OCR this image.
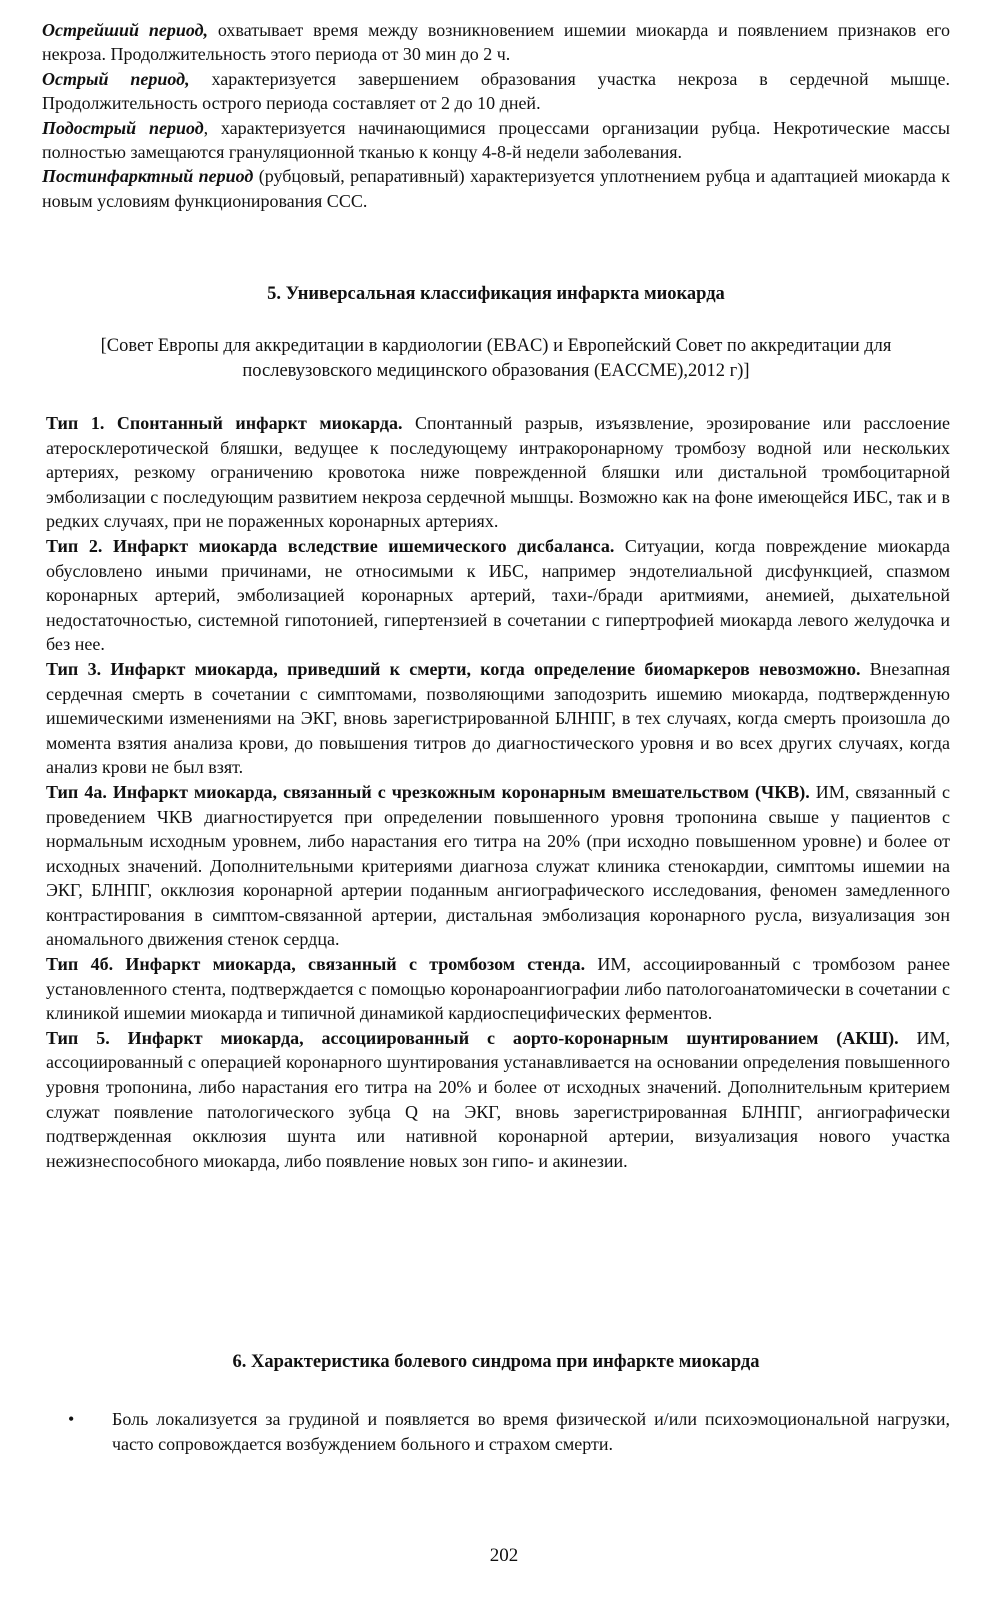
Острейший период, охватывает время между возникновением ишемии миокарда и появлением признаков его некроза. Продолжительность этого периода от 30 мин до 2 ч.

Острый период, характеризуется завершением образования участка некроза в сердечной мышце. Продолжительность острого периода составляет от 2 до 10 дней.

Подострый период, характеризуется начинающимися процессами организации рубца. Некротические массы полностью замещаются грануляционной тканью к концу 4-8-й недели заболевания.

Постинфарктный период (рубцовый, репаративный) характеризуется уплотнением рубца и адаптацией миокарда к новым условиям функционирования ССС.

5. Универсальная классификация инфаркта миокарда

[Совет Европы для аккредитации в кардиологии (EBAC) и Европейский Совет по аккредитации для послевузовского медицинского образования (EACCME),2012 г)]

Тип 1. Спонтанный инфаркт миокарда. Спонтанный разрыв, изъязвление, эрозирование или расслоение атеросклеротической бляшки, ведущее к последующему интракоронарному тромбозу водной или нескольких артериях, резкому ограничению кровотока ниже поврежденной бляшки или дистальной тромбоцитарной эмболизации с последующим развитием некроза сердечной мышцы. Возможно как на фоне имеющейся ИБС, так и в редких случаях, при не пораженных коронарных артериях.

Тип 2. Инфаркт миокарда вследствие ишемического дисбаланса. Ситуации, когда повреждение миокарда обусловлено иными причинами, не относимыми к ИБС, например эндотелиальной дисфункцией, спазмом коронарных артерий, эмболизацией коронарных артерий, тахи-/бради аритмиями, анемией, дыхательной недостаточностью, системной гипотонией, гипертензией в сочетании с гипертрофией миокарда левого желудочка и без нее.

Тип 3. Инфаркт миокарда, приведший к смерти, когда определение биомаркеров невозможно. Внезапная сердечная смерть в сочетании с симптомами, позволяющими заподозрить ишемию миокарда, подтвержденную ишемическими изменениями на ЭКГ, вновь зарегистрированной БЛНПГ, в тех случаях, когда смерть произошла до момента взятия анализа крови, до повышения титров до диагностического уровня и во всех других случаях, когда анализ крови не был взят.

Тип 4а. Инфаркт миокарда, связанный с чрезкожным коронарным вмешательством (ЧКВ). ИМ, связанный с проведением ЧКВ диагностируется при определении повышенного уровня тропонина свыше у пациентов с нормальным исходным уровнем, либо нарастания его титра на 20% (при исходно повышенном уровне) и более от исходных значений. Дополнительными критериями диагноза служат клиника стенокардии, симптомы ишемии на ЭКГ, БЛНПГ, окклюзия коронарной артерии поданным ангиографического исследования, феномен замедленного контрастирования в симптом-связанной артерии, дистальная эмболизация коронарного русла, визуализация зон аномального движения стенок сердца.

Тип 4б. Инфаркт миокарда, связанный с тромбозом стенда. ИМ, ассоциированный с тромбозом ранее установленного стента, подтверждается с помощью коронароангиографии либо патологоанатомически в сочетании с клиникой ишемии миокарда и типичной динамикой кардиоспецифических ферментов.

Тип 5. Инфаркт миокарда, ассоциированный с аорто-коронарным шунтированием (АКШ). ИМ, ассоциированный с операцией коронарного шунтирования устанавливается на основании определения повышенного уровня тропонина, либо нарастания его титра на 20% и более от исходных значений. Дополнительным критерием служат появление патологического зубца Q на ЭКГ, вновь зарегистрированная БЛНПГ, ангиографически подтвержденная окклюзия шунта или нативной коронарной артерии, визуализация нового участка нежизнеспособного миокарда, либо появление новых зон гипо- и акинезии.

6. Характеристика болевого синдрома при инфаркте миокарда
• Боль локализуется за грудиной и появляется во время физической и/или психоэмоциональной нагрузки, часто сопровождается возбуждением больного и страхом смерти.

202
